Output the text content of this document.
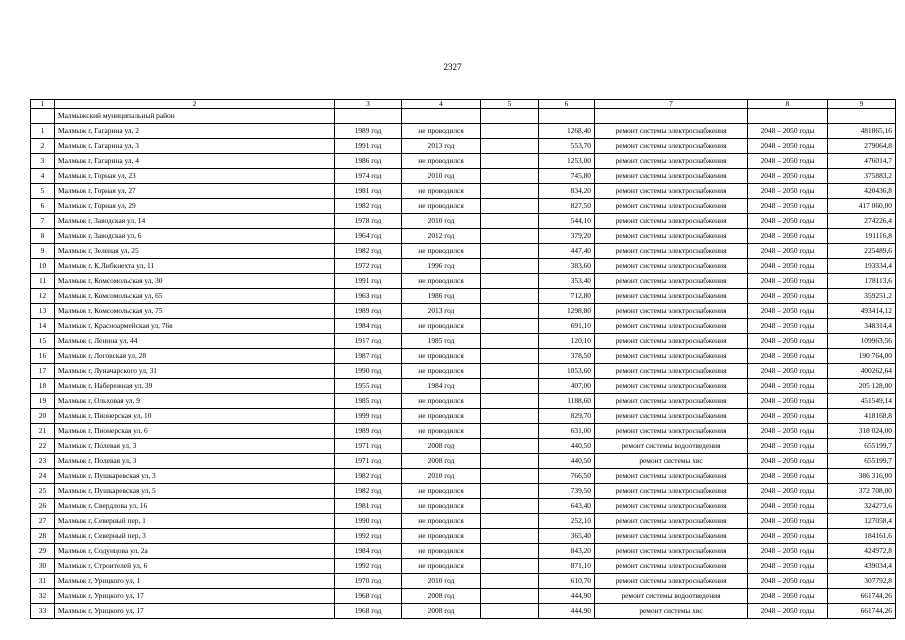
2327
1	2	3	4	5	6	7	8	9
	Малмыжский муниципальный район							
1	Малмыж г, Гагарина ул, 2	1989 год	не проводился		1268,40	ремонт системы электроснабжения	2048 – 2050 годы	481865,16
2	Малмыж г, Гагарина ул, 3	1991 год	2013 год		553,70	ремонт системы электроснабжения	2048 – 2050 годы	279064,8
3	Малмыж г, Гагарина ул, 4	1986 год	не проводился		1253,00	ремонт системы электроснабжения	2048 – 2050 годы	476014,7
4	Малмыж г, Горная ул, 23	1974 год	2010 год		745,80	ремонт системы электроснабжения	2048 – 2050 годы	375883,2
5	Малмыж г, Горная ул, 27	1981 год	не проводился		834,20	ремонт системы электроснабжения	2048 – 2050 годы	420436,8
6	Малмыж г, Горная ул, 29	1982 год	не проводился		827,50	ремонт системы электроснабжения	2048 – 2050 годы	417 060,00
7	Малмыж г, Заводская ул, 14	1978 год	2010 год		544,10	ремонт системы электроснабжения	2048 – 2050 годы	274226,4
8	Малмыж г, Заводская ул, 6	1964 год	2012 год		379,20	ремонт системы электроснабжения	2048 – 2050 годы	191116,8
9	Малмыж г, Зеленая ул, 25	1982 год	не проводился		447,40	ремонт системы электроснабжения	2048 – 2050 годы	225489,6
10	Малмыж г, К.Либкнехта ул, 11	1972 год	1996 год		383,60	ремонт системы электроснабжения	2048 – 2050 годы	193334,4
11	Малмыж г, Комсомольская ул, 30	1991 год	не проводился		353,40	ремонт системы электроснабжения	2048 – 2050 годы	178113,6
12	Малмыж г, Комсомольская ул, 65	1963 год	1986 год		712,80	ремонт системы электроснабжения	2048 – 2050 годы	359251,2
13	Малмыж г, Комсомольская ул, 75	1989 год	2013 год		1298,80	ремонт системы электроснабжения	2048 – 2050 годы	493414,12
14	Малмыж г, Красноармейская ул, 76в	1984 год	не проводился		691,10	ремонт системы электроснабжения	2048 – 2050 годы	348314,4
15	Малмыж г, Ленина ул, 44	1917 год	1985 год		120,10	ремонт системы электроснабжения	2048 – 2050 годы	109963,56
16	Малмыж г, Логовская ул, 28	1987 год	не проводился		378,50	ремонт системы электроснабжения	2048 – 2050 годы	190 764,00
17	Малмыж г, Луначарского ул, 31	1990 год	не проводился		1053,60	ремонт системы электроснабжения	2048 – 2050 годы	400262,64
18	Малмыж г, Набережная ул, 39	1955 год	1984 год		407,00	ремонт системы электроснабжения	2048 – 2050 годы	205 128,00
19	Малмыж г, Ольховая ул, 9	1985 год	не проводился		1188,60	ремонт системы электроснабжения	2048 – 2050 годы	451549,14
20	Малмыж г, Пионерская ул, 10	1999 год	не проводился		829,70	ремонт системы электроснабжения	2048 – 2050 годы	418168,8
21	Малмыж г, Пионерская ул, 6	1989 год	не проводился		631,00	ремонт системы электроснабжения	2048 – 2050 годы	318 024,00
22	Малмыж г, Полевая ул, 3	1971 год	2008 год		440,50	ремонт системы водоотведения	2048 – 2050 годы	655199,7
23	Малмыж г, Полевая ул, 3	1971 год	2008 год		440,50	ремонт системы хвс	2048 – 2050 годы	655199,7
24	Малмыж г, Пушкаревская ул, 3	1982 год	2010 год		766,50	ремонт системы электроснабжения	2048 – 2050 годы	386 316,00
25	Малмыж г, Пушкаревская ул, 5	1982 год	не проводился		739,50	ремонт системы электроснабжения	2048 – 2050 годы	372 708,00
26	Малмыж г, Свердлова ул, 16	1981 год	не проводился		643,40	ремонт системы электроснабжения	2048 – 2050 годы	324273,6
27	Малмыж г, Северный пер, 1	1990 год	не проводился		252,10	ремонт системы электроснабжения	2048 – 2050 годы	127058,4
28	Малмыж г, Северный пер, 3	1992 год	не проводился		365,40	ремонт системы электроснабжения	2048 – 2050 годы	184161,6
29	Малмыж г, Содунцова ул, 2а	1984 год	не проводился		843,20	ремонт системы электроснабжения	2048 – 2050 годы	424972,8
30	Малмыж г, Строителей ул, 6	1992 год	не проводился		871,10	ремонт системы электроснабжения	2048 – 2050 годы	439034,4
31	Малмыж г, Урицкого ул, 1	1970 год	2010 год		610,70	ремонт системы электроснабжения	2048 – 2050 годы	307792,8
32	Малмыж г, Урицкого ул, 17	1968 год	2008 год		444,90	ремонт системы водоотведения	2048 – 2050 годы	661744,26
33	Малмыж г, Урицкого ул, 17	1968 год	2008 год		444,90	ремонт системы хвс	2048 – 2050 годы	661744,26
